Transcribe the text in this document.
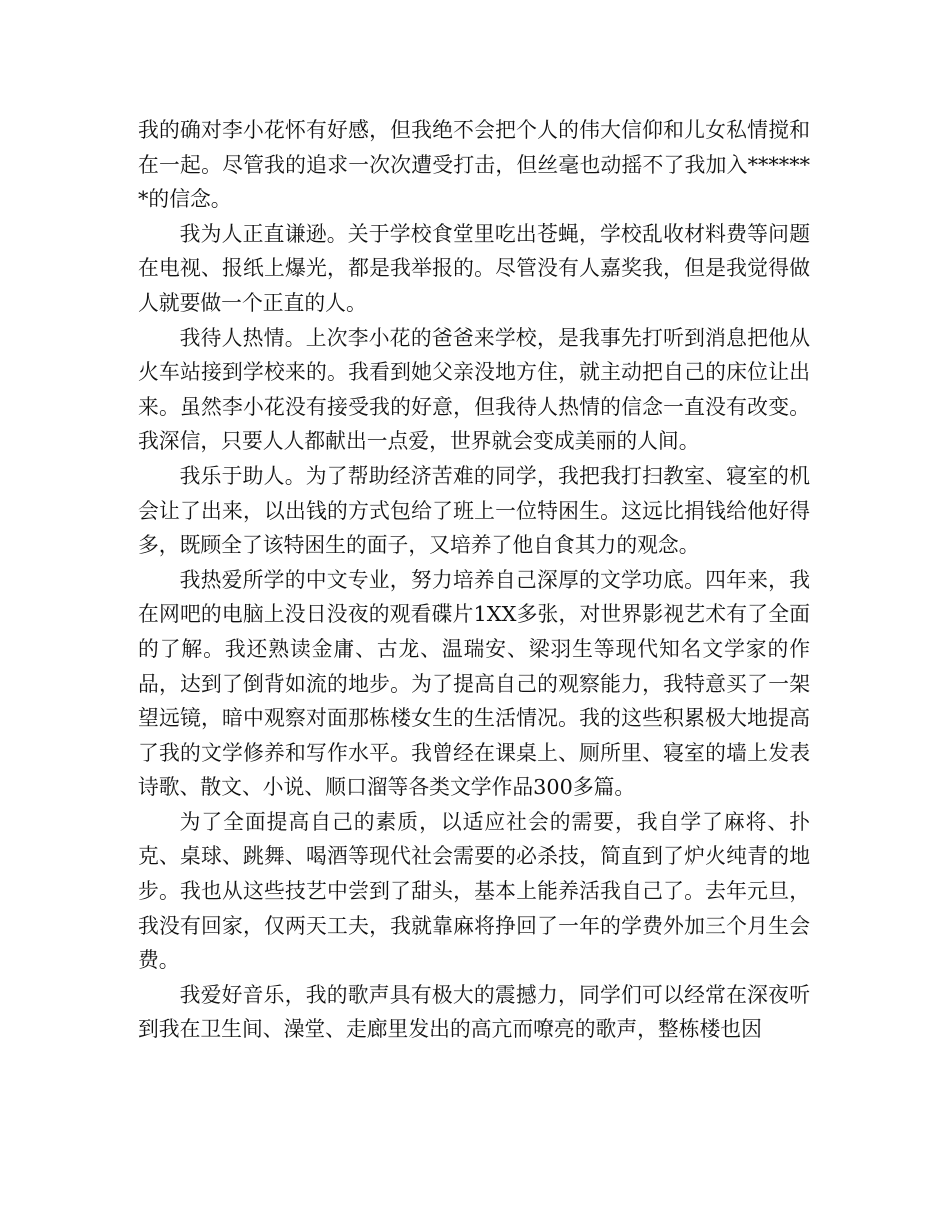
我的确对李小花怀有好感，但我绝不会把个人的伟大信仰和儿女私情搅和在一起。尽管我的追求一次次遭受打击，但丝毫也动摇不了我加入*******的信念。

我为人正直谦逊。关于学校食堂里吃出苍蝇，学校乱收材料费等问题在电视、报纸上爆光，都是我举报的。尽管没有人嘉奖我，但是我觉得做人就要做一个正直的人。

我待人热情。上次李小花的爸爸来学校，是我事先打听到消息把他从火车站接到学校来的。我看到她父亲没地方住，就主动把自己的床位让出来。虽然李小花没有接受我的好意，但我待人热情的信念一直没有改变。我深信，只要人人都献出一点爱，世界就会变成美丽的人间。

我乐于助人。为了帮助经济苦难的同学，我把我打扫教室、寝室的机会让了出来，以出钱的方式包给了班上一位特困生。这远比捐钱给他好得多，既顾全了该特困生的面子，又培养了他自食其力的观念。

我热爱所学的中文专业，努力培养自己深厚的文学功底。四年来，我在网吧的电脑上没日没夜的观看碟片1XX多张，对世界影视艺术有了全面的了解。我还熟读金庸、古龙、温瑞安、梁羽生等现代知名文学家的作品，达到了倒背如流的地步。为了提高自己的观察能力，我特意买了一架望远镜，暗中观察对面那栋楼女生的生活情况。我的这些积累极大地提高了我的文学修养和写作水平。我曾经在课桌上、厕所里、寝室的墙上发表诗歌、散文、小说、顺口溜等各类文学作品300多篇。

为了全面提高自己的素质，以适应社会的需要，我自学了麻将、扑克、桌球、跳舞、喝酒等现代社会需要的必杀技，简直到了炉火纯青的地步。我也从这些技艺中尝到了甜头，基本上能养活我自己了。去年元旦，我没有回家，仅两天工夫，我就靠麻将挣回了一年的学费外加三个月生会费。

我爱好音乐，我的歌声具有极大的震撼力，同学们可以经常在深夜听到我在卫生间、澡堂、走廊里发出的高亢而嘹亮的歌声，整栋楼也因
